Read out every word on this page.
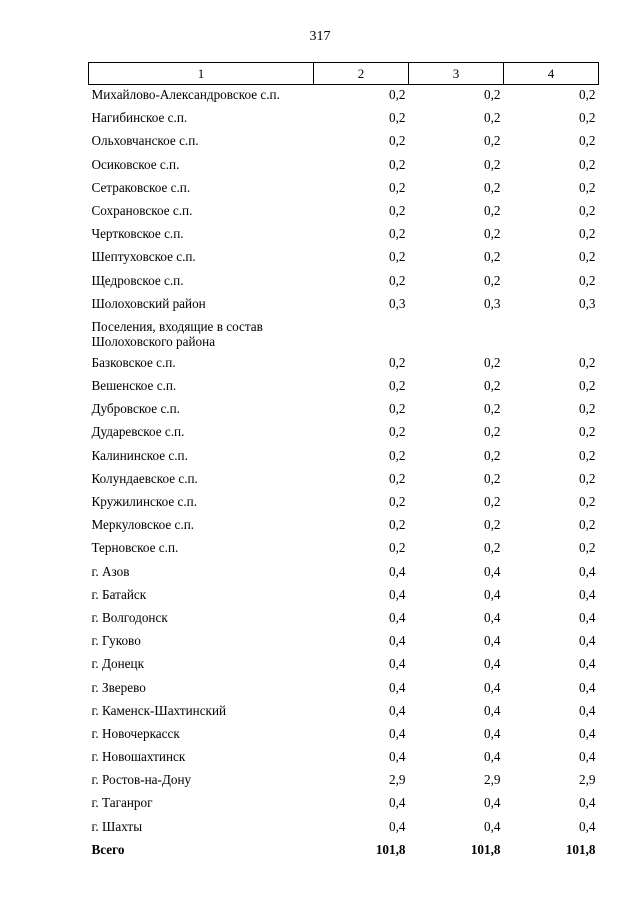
317
1	2	3	4
Михайлово-Александровское с.п.	0,2	0,2	0,2
Нагибинское с.п.	0,2	0,2	0,2
Ольховчанское с.п.	0,2	0,2	0,2
Осиковское с.п.	0,2	0,2	0,2
Сетраковское с.п.	0,2	0,2	0,2
Сохрановское с.п.	0,2	0,2	0,2
Чертковское с.п.	0,2	0,2	0,2
Шептуховское с.п.	0,2	0,2	0,2
Щедровское с.п.	0,2	0,2	0,2
Шолоховский район	0,3	0,3	0,3
Поселения, входящие в состав Шолоховского района			
Базковское с.п.	0,2	0,2	0,2
Вешенское с.п.	0,2	0,2	0,2
Дубровское с.п.	0,2	0,2	0,2
Дударевское с.п.	0,2	0,2	0,2
Калининское с.п.	0,2	0,2	0,2
Колундаевское с.п.	0,2	0,2	0,2
Кружилинское с.п.	0,2	0,2	0,2
Меркуловское с.п.	0,2	0,2	0,2
Терновское с.п.	0,2	0,2	0,2
г. Азов	0,4	0,4	0,4
г. Батайск	0,4	0,4	0,4
г. Волгодонск	0,4	0,4	0,4
г. Гуково	0,4	0,4	0,4
г. Донецк	0,4	0,4	0,4
г. Зверево	0,4	0,4	0,4
г. Каменск-Шахтинский	0,4	0,4	0,4
г. Новочеркасск	0,4	0,4	0,4
г. Новошахтинск	0,4	0,4	0,4
г. Ростов-на-Дону	2,9	2,9	2,9
г. Таганрог	0,4	0,4	0,4
г. Шахты	0,4	0,4	0,4
Всего	101,8	101,8	101,8
